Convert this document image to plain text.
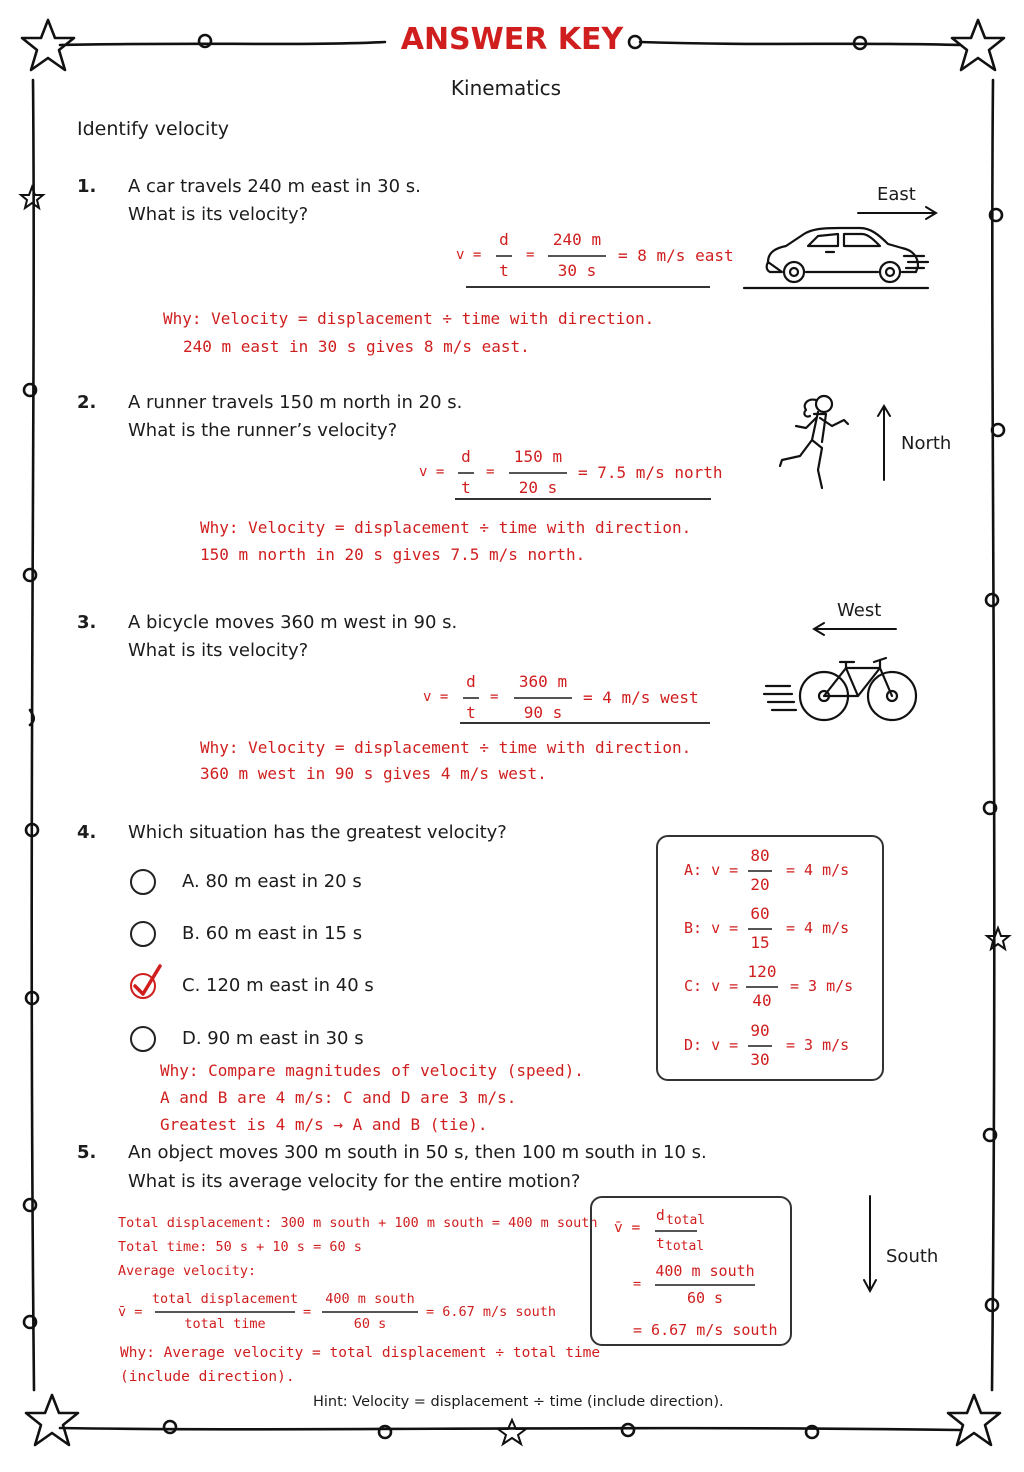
ANSWER KEY
Kinematics
Identify velocity
1. A car travels 240 m east in 30 s.
What is its velocity?
v =
d
t
=
240 m
30 s
= 8 m/s east
Why: Velocity = displacement ÷ time with direction.
240 m east in 30 s gives 8 m/s east.
East
2. A runner travels 150 m north in 20 s.
What is the runner’s velocity?
v =
d
t
=
150 m
20 s
= 7.5 m/s north
Why: Velocity = displacement ÷ time with direction.
150 m north in 20 s gives 7.5 m/s north.
North
3. A bicycle moves 360 m west in 90 s.
What is its velocity?
v =
d
t
=
360 m
90 s
= 4 m/s west
Why: Velocity = displacement ÷ time with direction.
360 m west in 90 s gives 4 m/s west.
West
4. Which situation has the greatest velocity?
A. 80 m east in 20 s
B. 60 m east in 15 s
C. 120 m east in 40 s
D. 90 m east in 30 s
A: v =
80
20
= 4 m/s
B: v =
60
15
= 4 m/s
C: v =
120
40
= 3 m/s
D: v =
90
30
= 3 m/s
Why: Compare magnitudes of velocity (speed).
A and B are 4 m/s: C and D are 3 m/s.
Greatest is 4 m/s → A and B (tie).
5. An object moves 300 m south in 50 s, then 100 m south in 10 s.
What is its average velocity for the entire motion?
Total displacement: 300 m south + 100 m south = 400 m south
Total time: 50 s + 10 s = 60 s
Average velocity:
v̄ =
total displacement
total time
=
400 m south
60 s
= 6.67 m/s south
Why: Average velocity = total displacement ÷ total time
(include direction).
v̄ =
d total
t total
=
400 m south
60 s
= 6.67 m/s south
South
Hint: Velocity = displacement ÷ time (include direction).
